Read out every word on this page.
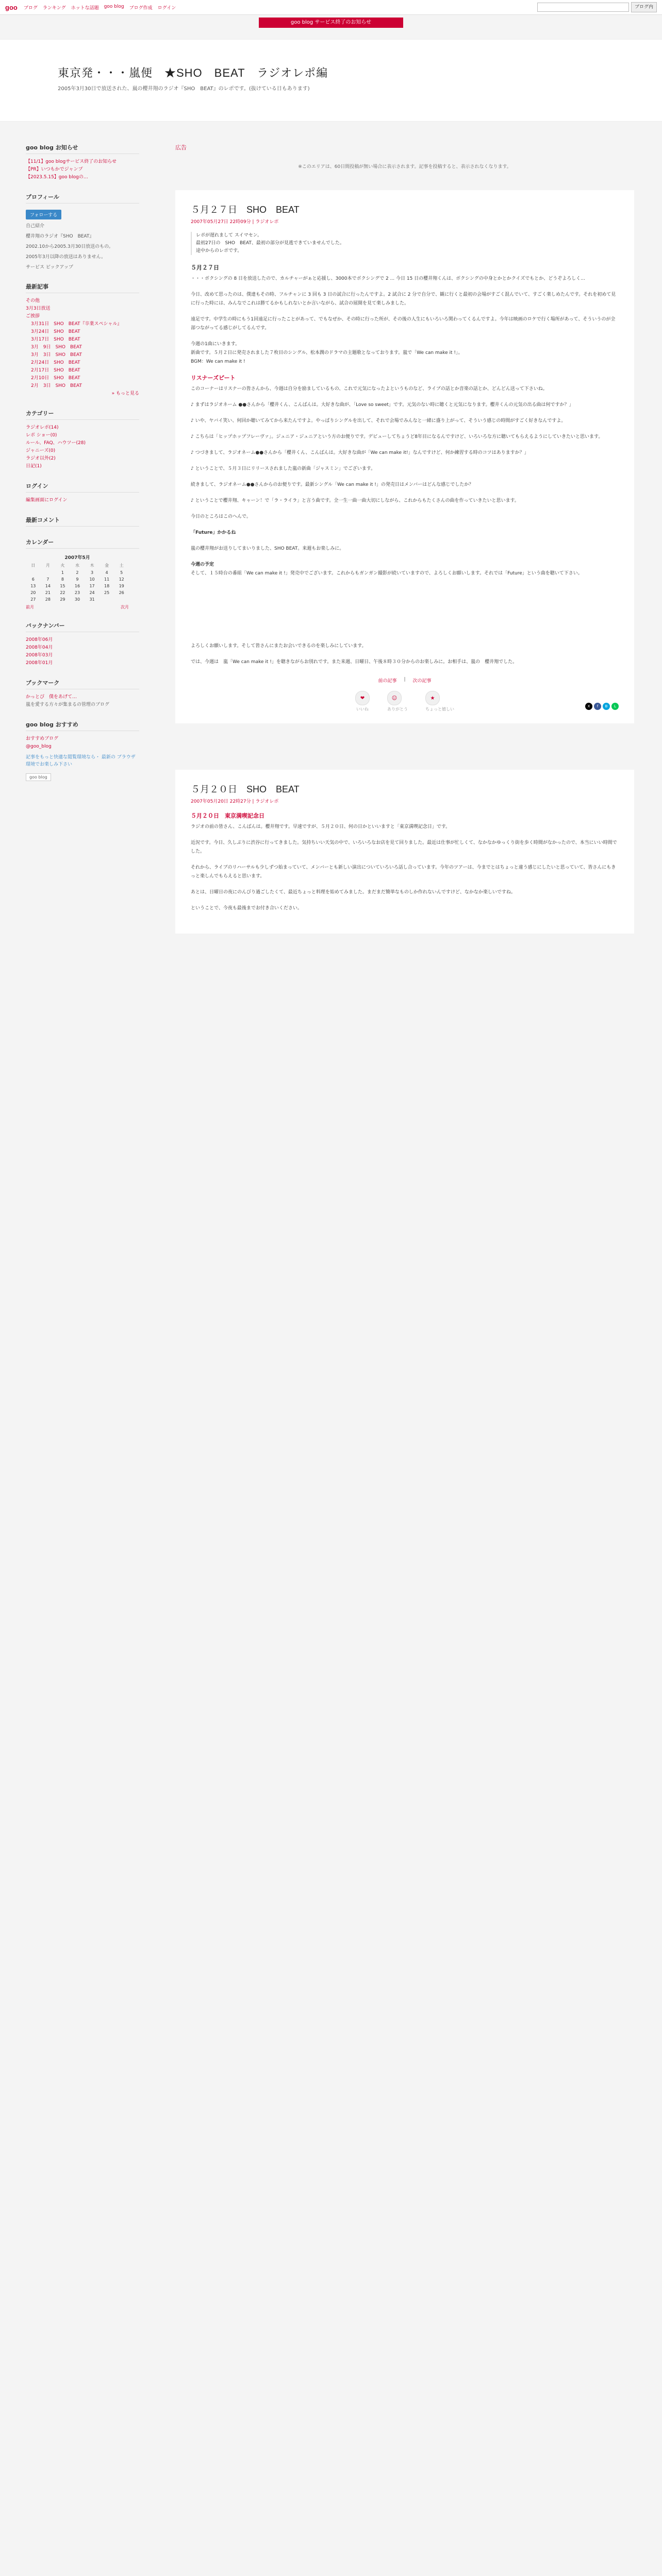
goo ブログ ランキング ホットな話題 goo blog ブログ作成 ログイン	ブログ内
goo blog サービス終了のお知らせ
東京発・・・嵐便　★SHO　BEAT　ラジオレポ編
2005年3月30日で放送された、嵐の櫻井翔のラジオ『SHO　BEAT』のレポです。(抜けている日もあります)
goo blog お知らせ
【11/1】goo blogサービス終了のお知らせ
【PR】いつもかでジャンプ
【2023.5.15】goo blogの…
プロフィール
フォローする

自己紹介

櫻井翔のラジオ『SHO　BEAT』

2002.10から2005.3月30日放送のもの。

2005年3月以降の放送はありません。

サービス ピックアップ

最新記事
その他
3月3日放送
ご挨拶
3月31日　SHO　BEAT『卒業スペシャル』
3月24日　SHO　BEAT
3月17日　SHO　BEAT
3月　9日　SHO　BEAT
3月　3日　SHO　BEAT
2月24日　SHO　BEAT
2月17日　SHO　BEAT
2月10日　SHO　BEAT
2月　3日　SHO　BEAT
» もっと見る
カテゴリー
ラジオレポ(14)
レポ ショー(0)
ルール、FAQ、ハウツー(28)
ジャニーズ(0)
ラジオ以外(2)
日記(1)
ログイン
編集画面にログイン
最新コメント
カレンダー
2007年5月						
日	月	火	水	木	金	土
		1	2	3	4	5
6	7	8	9	10	11	12
13	14	15	16	17	18	19
20	21	22	23	24	25	26
27	28	29	30	31		
前月	次月
バックナンバー
2008年06月
2008年04月
2008年03月
2008年01月
ブックマーク
かっとぴ　僕をあげて…
嵐を愛する方々が集まるの管理のブログ
goo blog おすすめ
おすすめブログ
@goo_blog

記事をもっと快適な閲覧環境なら・ 最新の ブラウザ環境でお楽しみ下さい

goo blog
広告
※このエリアは、60日間投稿が無い場合に表示されます。記事を投稿すると、表示されなくなります。
５月２７日　SHO　BEAT
2007年05月27日 22時09分 | ラジオレポ
レポが遅れまして スイマセン。
最初27日の　SHO　BEAT、最初の部分が見逃できていませんでした。
途中からのレポです。
５月２７日

・・・ボクシングの 8 日を放送したので、カルチャーがぁと応援し、3000本でボクシングで 2 ... 今日 15 日の櫻井翔くんは、ボクシングの中身とかとかクイズでもとか、どうぞよろしく...

今日、改めて思ったのは、僕達もその時、フルチャンに 3 回も 3 日の試合に行ったんですよ。2 試合に 2 分で自分で、観に行くと最初の会場がすごく混んでいて、すごく楽しめたんです。それを初めて見に行った時には、みんなでこれは勝てるかもしれないとか言いながら、試合の展開を見て楽しみました。

遠足です。中学生の時にもう1回遠足に行ったことがあって、でもなぜか、その時に行った所が、その後の人生にもいろいろ関わってくるんですよ。今年は映画のロケで行く場所があって、そういうのが全部つながってる感じがしてるんです。

今週の1曲にいきます。
新曲です。５月２日に発売されました７枚目のシングル、松本潤のドラマの主題歌となっております。嵐で「We can make it !」。
BGM：We can make it !

リスナーズピート

このコーナーはリスナーの皆さんから、今週は自分を励ましているもの、これで元気になったよというものなど、ライブの話とか音楽の話とか、どんどん送って下さいね。

♪ まずはラジオネーム ●●さんから「櫻井くん、こんばんは。大好きな曲が、「Love so sweet」です。元気のない時に聴くと元気になります。櫻井くんの元気の出る曲は何ですか？」

♪ いや、ヤバイ笑い、何回か聴いてみてから来たんですよ。やっぱりシングルを出して、それで会場でみんなと一緒に盛り上がって、そういう感じの時間がすごく好きなんですよ。

♪ こちらは「ヒップホップフレーヴァ」。ジュニア・ジュニアという方のお便りです。デビューしてちょうど8年目になるんですけど、いろいろな方に聴いてもらえるようにしていきたいと思います。

♪ つづきまして、ラジオネーム●●さんから「櫻井くん、こんばんは。大好きな曲が「We can make it!」なんですけど、何か練習する時のコツはありますか？」

♪ ということで、５月３日にリリースされました嵐の新曲「ジャスミン」でございます。

続きまして、ラジオネーム●●さんからのお便りです。最新シングル「We can make it !」の発売日はメンバーはどんな感じでしたか？

♪ ということで櫻井翔、キャーン！で「ラ・ライラ」と言う曲です。全一生一曲一曲大切にしながら、これからもたくさんの曲を作っていきたいと思います。

今日のところはこのへんで。

「Future」かかるね

嵐の櫻井翔がお送りしてまいりました、SHO BEAT。来週もお楽しみに。

今週の予定

そして、１５時台の番組「We can make it !」発売中でございます。これからもガンガン撮影が続いていますので、よろしくお願いします。それでは「Future」という曲を聴いて下さい。

よろしくお願いします。そして皆さんにまたお会いできるのを楽しみにしています。

では、今週は　嵐「We can make it !」を聴きながらお別れです。また来週、日曜日、午後８時３０分からのお楽しみに。お相手は、嵐の　櫻井翔でした。

前の記事 | 次の記事
❤
いいね
☺
ありがとう
★
ちょっと嬉しい
X	f	B	L
５月２０日　SHO　BEAT
2007年05月20日 22時27分 | ラジオレポ
５月２０日　東京満喫記念日

ラジオの前の皆さん、こんばんは。櫻井翔です。早速ですが、５月２０日、何の日かといいますと「東京満喫記念日」です。

近況です。今日、久しぶりに渋谷に行ってきました。気持ちいい天気の中で、いろいろなお店を見て回りました。最近は仕事が忙しくて、なかなかゆっくり街を歩く時間がなかったので、本当にいい時間でした。

それから、ライブのリハーサルも少しずつ始まっていて、メンバーとも新しい演出についていろいろ話し合っています。今年のツアーは、今までとはちょっと違う感じにしたいと思っていて、皆さんにもきっと楽しんでもらえると思います。

あとは、日曜日の夜にのんびり過ごしたくて、最近ちょっと料理を始めてみました。まだまだ簡単なものしか作れないんですけど、なかなか楽しいですね。

ということで、今夜も最後までお付き合いください。
